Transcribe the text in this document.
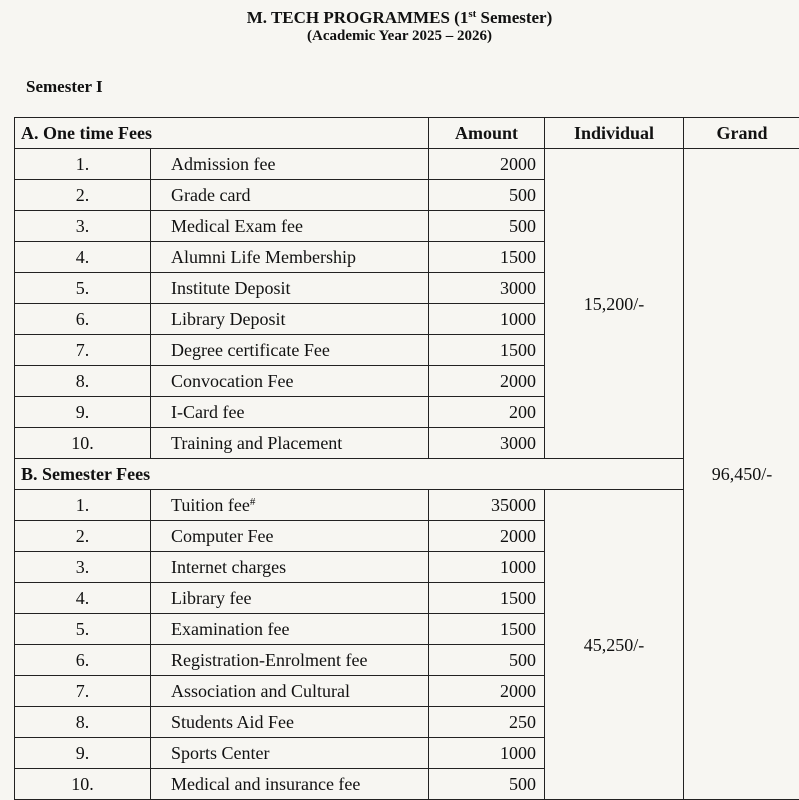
M. TECH PROGRAMMES (1st Semester)
(Academic Year 2025 – 2026)
Semester I
A. One time Fees		Amount	Individual	Grand
1.	Admission fee	2000	15,200/-	96,450/-
2.	Grade card	500		
3.	Medical Exam fee	500		
4.	Alumni Life Membership	1500		
5.	Institute Deposit	3000		
6.	Library Deposit	1000		
7.	Degree certificate Fee	1500		
8.	Convocation Fee	2000		
9.	I-Card fee	200		
10.	Training and Placement	3000		
B. Semester Fees				
1.	Tuition fee#	35000	45,250/-	
2.	Computer Fee	2000		
3.	Internet charges	1000		
4.	Library fee	1500		
5.	Examination fee	1500		
6.	Registration-Enrolment fee	500		
7.	Association and Cultural	2000		
8.	Students Aid Fee	250		
9.	Sports Center	1000		
10.	Medical and insurance fee	500		
